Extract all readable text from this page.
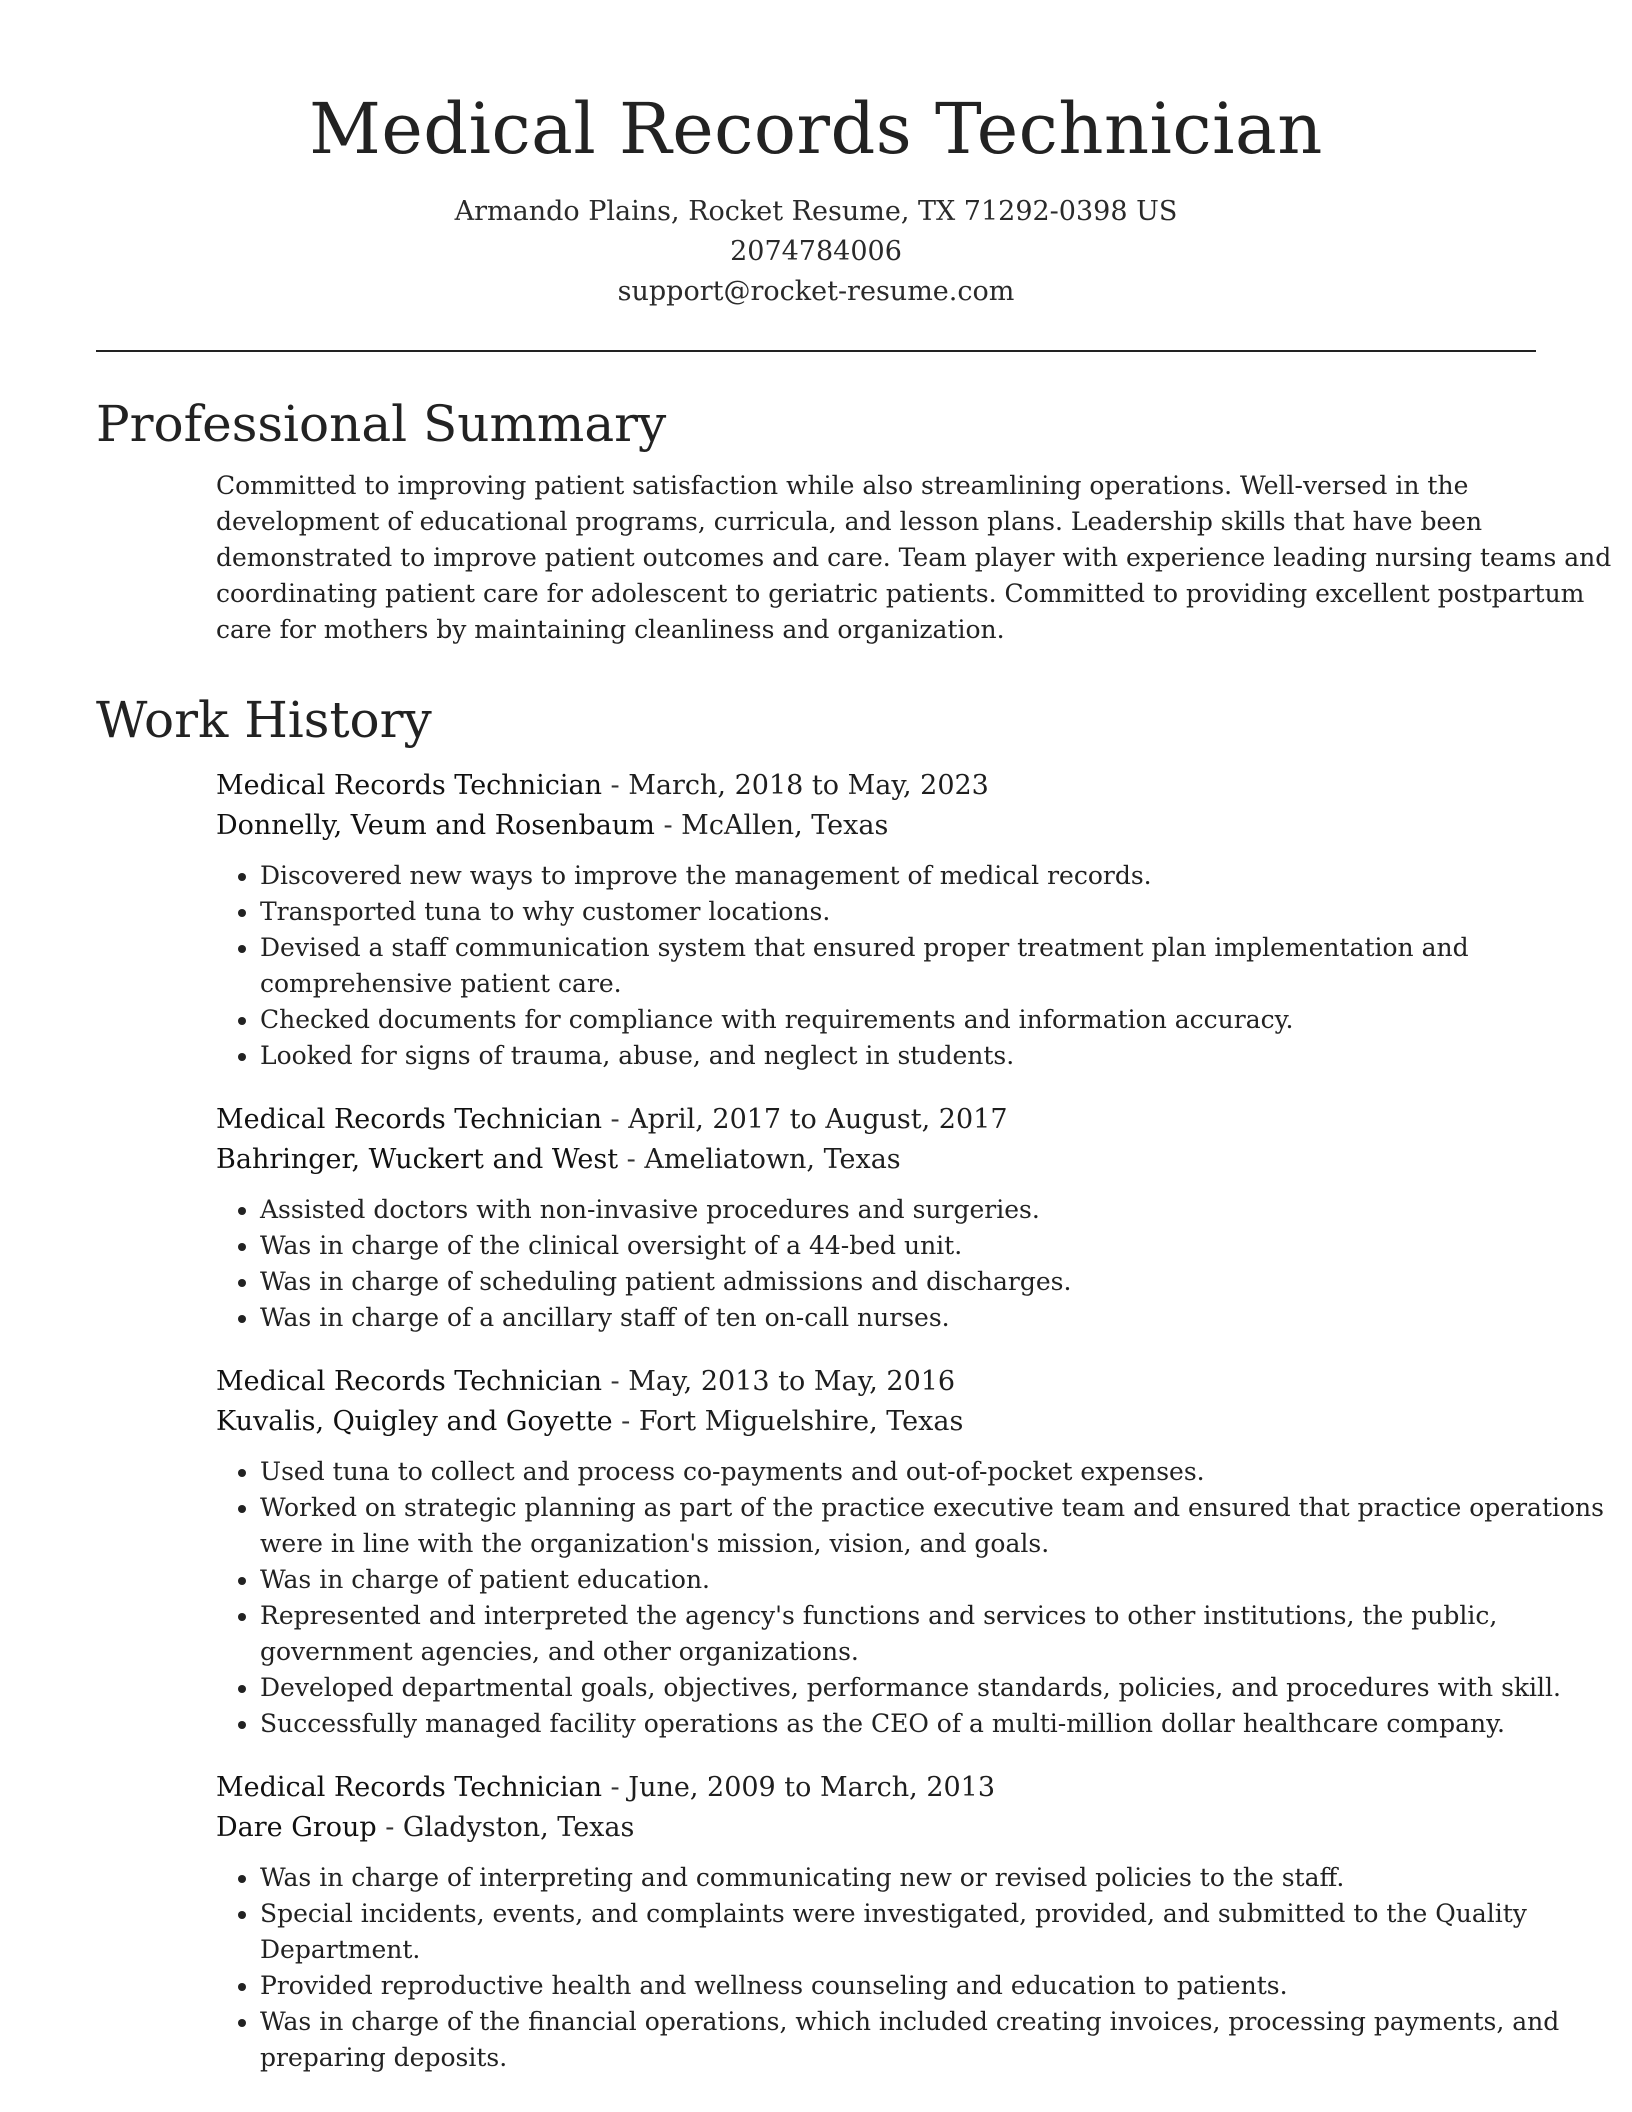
Medical Records Technician
Armando Plains, Rocket Resume, TX 71292-0398 US
2074784006
support@rocket-resume.com
Professional Summary
Committed to improving patient satisfaction while also streamlining operations. Well-versed in the
development of educational programs, curricula, and lesson plans. Leadership skills that have been
demonstrated to improve patient outcomes and care. Team player with experience leading nursing teams and
coordinating patient care for adolescent to geriatric patients. Committed to providing excellent postpartum
care for mothers by maintaining cleanliness and organization.
Work History
Medical Records Technician - March, 2018 to May, 2023
Donnelly, Veum and Rosenbaum - McAllen, Texas
• Discovered new ways to improve the management of medical records.
• Transported tuna to why customer locations.
• Devised a staff communication system that ensured proper treatment plan implementation and
comprehensive patient care.
• Checked documents for compliance with requirements and information accuracy.
• Looked for signs of trauma, abuse, and neglect in students.
Medical Records Technician - April, 2017 to August, 2017
Bahringer, Wuckert and West - Ameliatown, Texas
• Assisted doctors with non-invasive procedures and surgeries.
• Was in charge of the clinical oversight of a 44-bed unit.
• Was in charge of scheduling patient admissions and discharges.
• Was in charge of a ancillary staff of ten on-call nurses.
Medical Records Technician - May, 2013 to May, 2016
Kuvalis, Quigley and Goyette - Fort Miguelshire, Texas
• Used tuna to collect and process co-payments and out-of-pocket expenses.
• Worked on strategic planning as part of the practice executive team and ensured that practice operations
were in line with the organization's mission, vision, and goals.
• Was in charge of patient education.
• Represented and interpreted the agency's functions and services to other institutions, the public,
government agencies, and other organizations.
• Developed departmental goals, objectives, performance standards, policies, and procedures with skill.
• Successfully managed facility operations as the CEO of a multi-million dollar healthcare company.
Medical Records Technician - June, 2009 to March, 2013
Dare Group - Gladyston, Texas
• Was in charge of interpreting and communicating new or revised policies to the staff.
• Special incidents, events, and complaints were investigated, provided, and submitted to the Quality
Department.
• Provided reproductive health and wellness counseling and education to patients.
• Was in charge of the financial operations, which included creating invoices, processing payments, and
preparing deposits.
